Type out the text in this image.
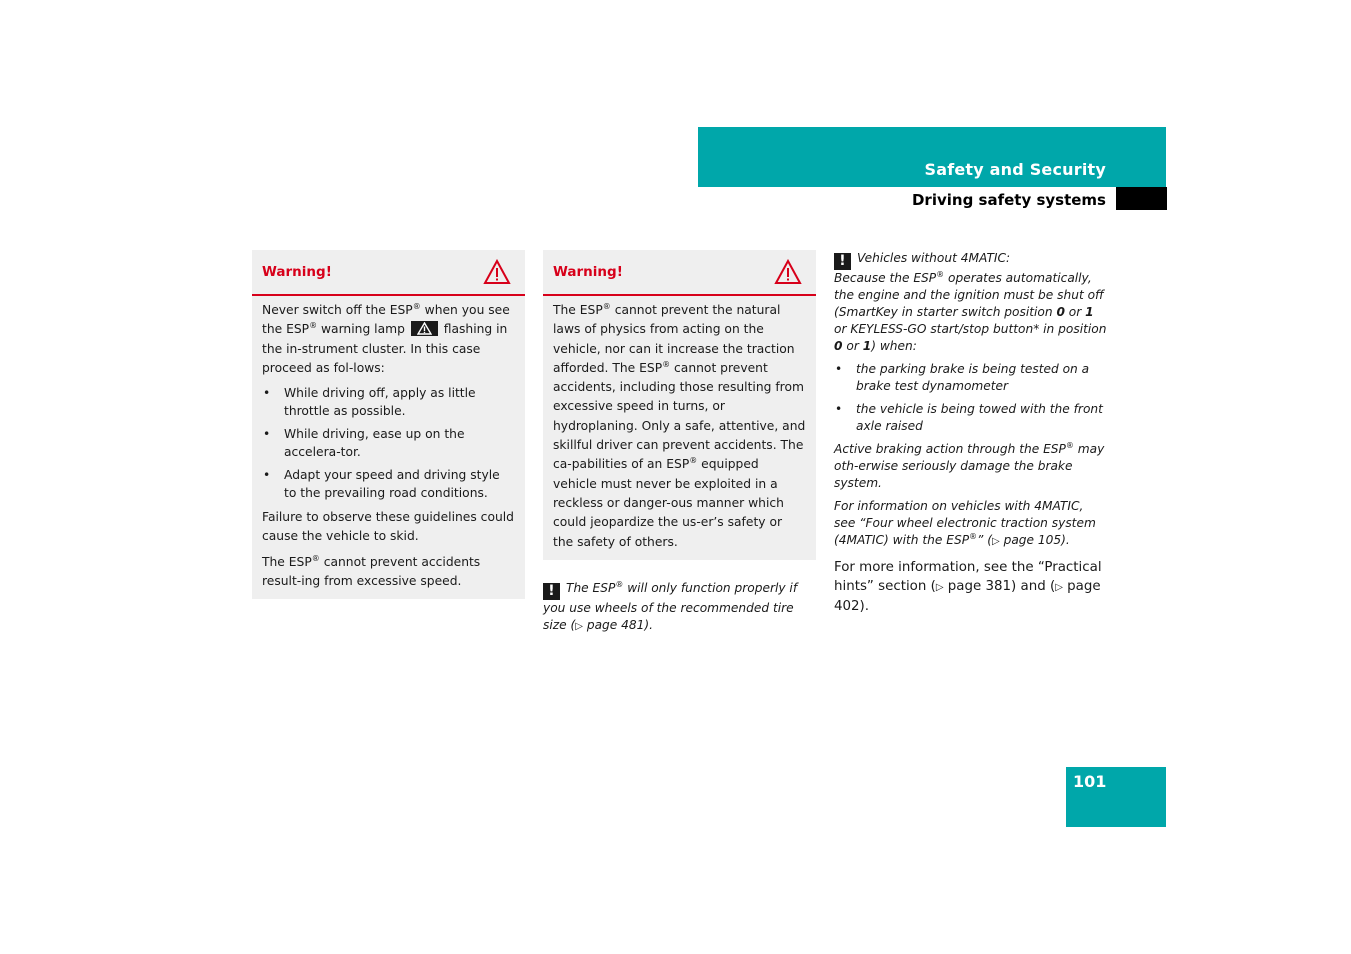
Safety and Security
Driving safety systems
Warning!

Never switch off the ESP® when you see the ESP® warning lamp	flashing in the in-strument cluster. In this case proceed as fol-lows:

• While driving off, apply as little throttle as possible.
• While driving, ease up on the accelera-tor.
• Adapt your speed and driving style to the prevailing road conditions.

Failure to observe these guidelines could cause the vehicle to skid.

The ESP® cannot prevent accidents result-ing from excessive speed.

Warning!

The ESP® cannot prevent the natural laws of physics from acting on the vehicle, nor can it increase the traction afforded. The ESP® cannot prevent accidents, including those resulting from excessive speed in turns, or hydroplaning. Only a safe, attentive, and skillful driver can prevent accidents. The ca-pabilities of an ESP® equipped vehicle must never be exploited in a reckless or danger-ous manner which could jeopardize the us-er’s safety or the safety of others.

! The ESP® will only function properly if you use wheels of the recommended tire size (▷ page 481).

! Vehicles without 4MATIC:

Because the ESP® operates automatically, the engine and the ignition must be shut off (SmartKey in starter switch position 0 or 1 or KEYLESS-GO start/stop button* in position 0 or 1) when:

• the parking brake is being tested on a brake test dynamometer
• the vehicle is being towed with the front axle raised

Active braking action through the ESP® may oth-erwise seriously damage the brake system.

For information on vehicles with 4MATIC, see “Four wheel electronic traction system (4MATIC) with the ESP®” (▷ page 105).

For more information, see the “Practical hints” section (▷ page 381) and (▷ page 402).

101
